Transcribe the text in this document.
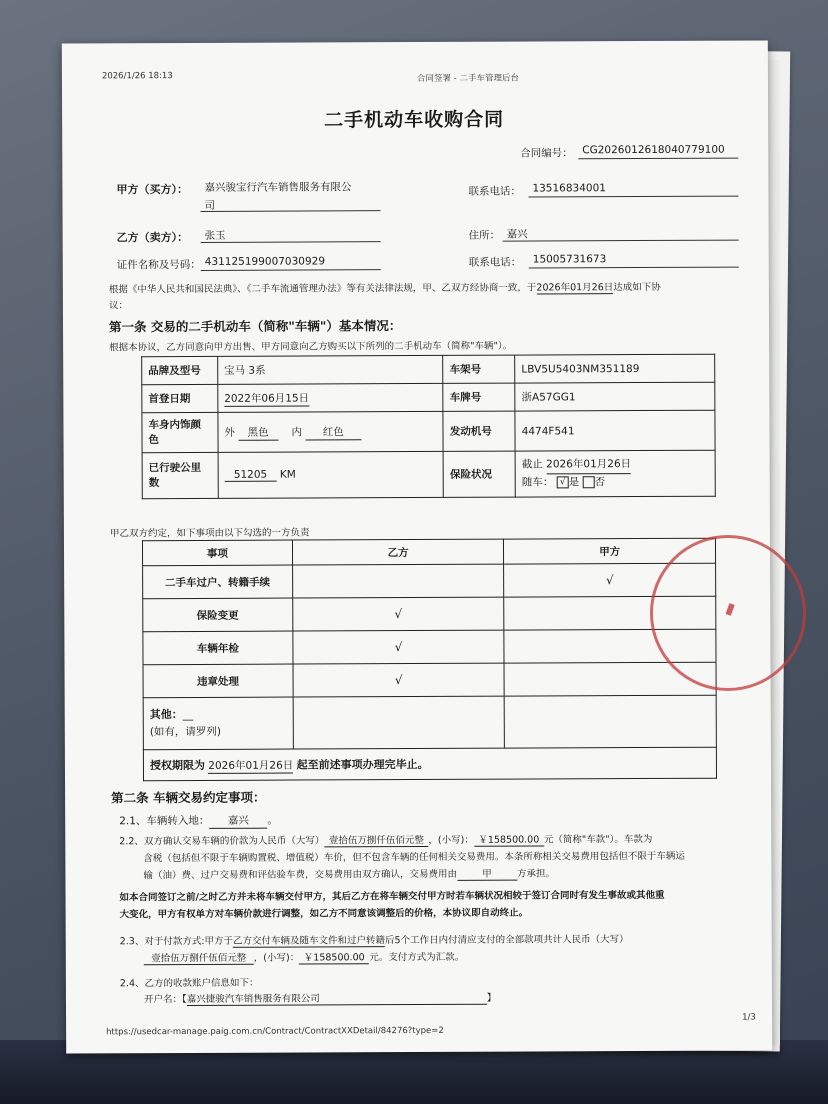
2026/1/26 18:13	合同签署 - 二手车管理后台
二手机动车收购合同
合同编号： CG202601261804077910​0
甲方（买方）： 嘉兴骏宝行汽车销售服务有限公
司
联系电话： 13516834001
乙方（卖方）： 张玉	住所： 嘉兴
证件名称及号码： 431125199007030929	联系电话： 15005731673
根据《中华人民共和国民法典》、《二手车流通管理办法》等有关法律法规，甲、乙双方经协商一致，于2026年01月26日达成如下协
议：
第一条 交易的二手机动车（简称"车辆"）基本情况：
根据本协议，乙方同意向甲方出售、甲方同意向乙方购买以下所列的二手机动车（简称"车辆"）。
品牌及型号	宝马 3系	车架号	LBV5U5403NM351189
首登日期	2022年06月15日	车牌号	浙A57GG1
车身内饰颜色	外 黑色 内 红色	发动机号	4474F541
已行驶公里数	51205 KM	保险状况	截止 2026年01月26日
随车： √ 是 否
甲乙双方约定，如下事项由以下勾选的一方负责
事项	乙方	甲方
二手车过户、转籍手续		√
保险变更	√	
车辆年检	√	
违章处理	√	
其他：__
(如有，请罗列)		
授权期限为 2026年01月26日 起至前述事项办理完毕止。		
第二条 车辆交易约定事项：
2.1、车辆转入地： 嘉兴 。
2.2、双方确认交易车辆的价款为人民币（大写） 壹拾伍万捌仟伍佰元整 ，(小写)： ￥158500.00 元（简称"车款"）。车款为
含税（包括但不限于车辆购置税、增值税）车价，但不包含车辆的任何相关交易费用。本条所称相关交易费用包括但不限于车辆运
输（油）费、过户交易费和评估验车费，交易费用由双方确认，交易费用由	甲	方承担。
如本合同签订之前/之时乙方并未将车辆交付甲方，其后乙方在将车辆交付甲方时若车辆状况相较于签订合同时有发生事故或其他重
大变化，甲方有权单方对车辆价款进行调整，如乙方不同意该调整后的价格，本协议即自动终止。
2.3、对于付款方式:甲方于乙方交付车辆及随车文件和过户转籍后5个工作日内付清应支付的全部款项共计人民币（大写）
壹拾伍万捌仟伍佰元整 ，(小写)： ￥158500.00 元。支付方式为汇款。
2.4、乙方的收款账户信息如下：
开户名：【嘉兴捷骏汽车销售服务有限公司	】
https://usedcar-manage.paig.com.cn/Contract/ContractXXDetail/84276?type=2
1/3
▬
